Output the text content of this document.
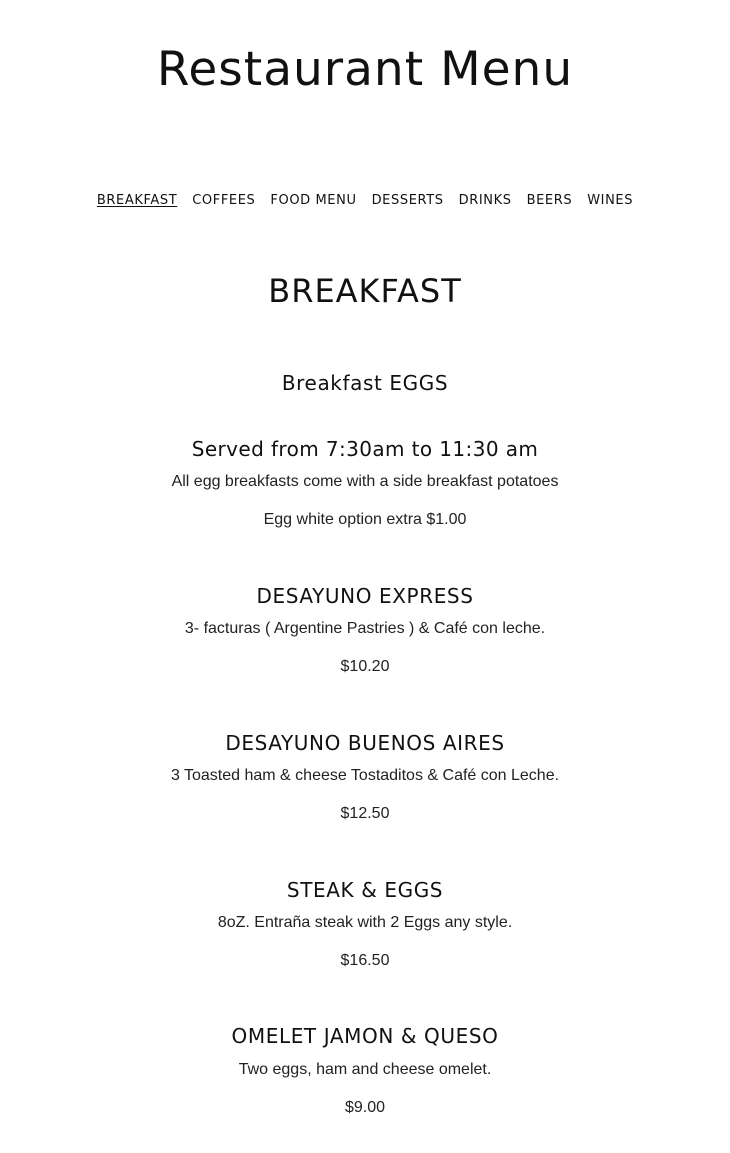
Restaurant Menu
BREAKFAST COFFEES FOOD MENU DESSERTS DRINKS BEERS WINES
BREAKFAST
Breakfast EGGS
Served from 7:30am to 11:30 am
All egg breakfasts come with a side breakfast potatoes
Egg white option extra $1.00
DESAYUNO EXPRESS
3- facturas ( Argentine Pastries ) & Café con leche.
$10.20
DESAYUNO BUENOS AIRES
3 Toasted ham & cheese Tostaditos & Café con Leche.
$12.50
STEAK & EGGS
8oZ. Entraña steak with 2 Eggs any style.
$16.50
OMELET JAMON & QUESO
Two eggs, ham and cheese omelet.
$9.00
